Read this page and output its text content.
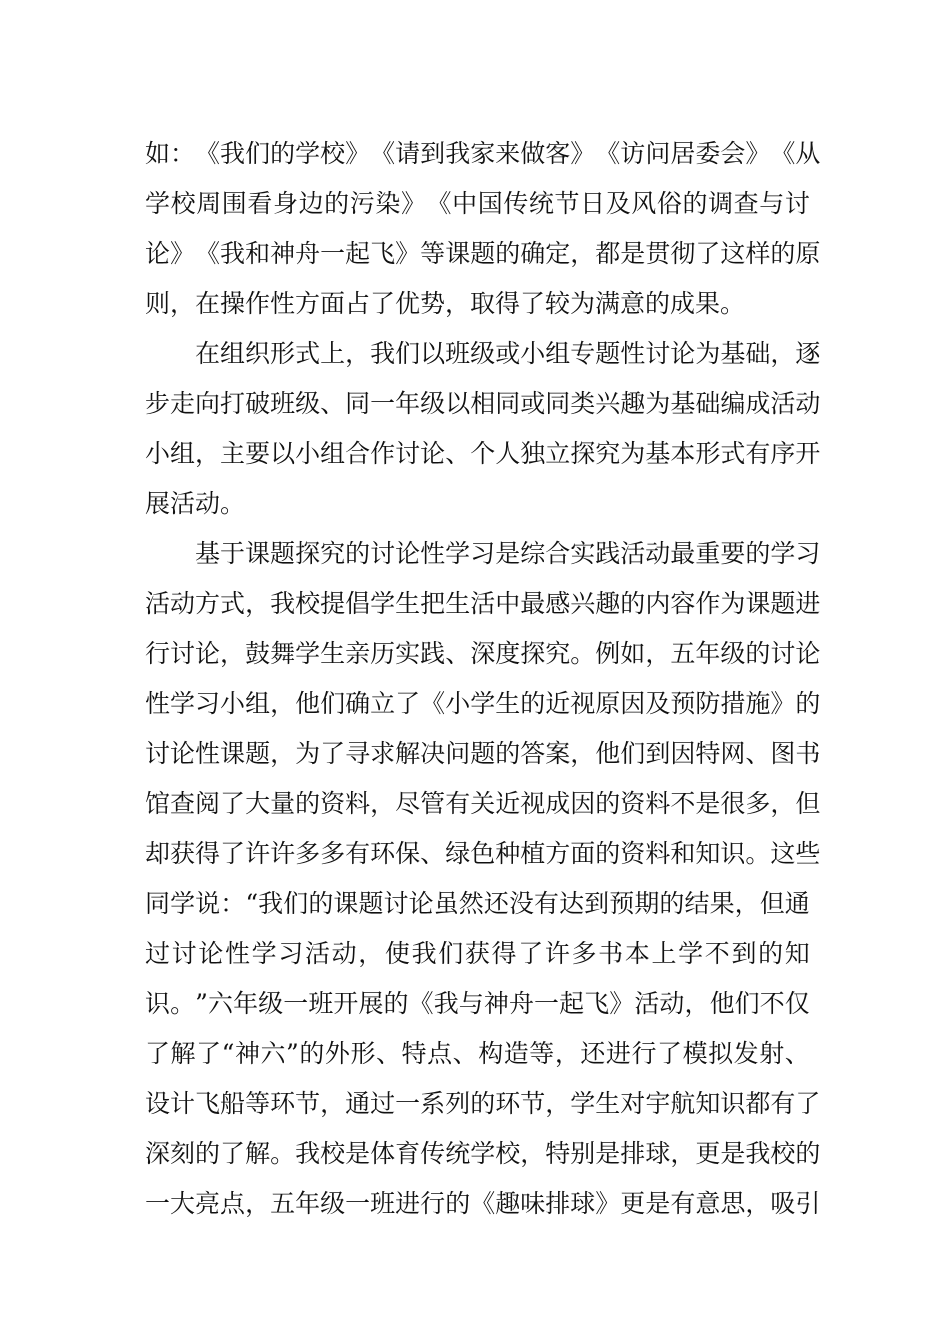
如 ： 《 我 们 的 学 校 》 《 请 到 我 家 来 做 客 》 《 访 问 居 委 会 》 《 从
学 校 周 围 看 身 边 的 污 染 》 《 中 国 传 统 节 日 及 风 俗 的 调 查 与 讨
论 》 《 我 和 神 舟 一 起 飞 》 等 课 题 的 确 定 ， 都 是 贯 彻 了 这 样 的 原
则，在操作性方面占了优势，取得了较为满意的成果。
在 组 织 形 式 上 ， 我 们 以 班 级 或 小 组 专 题 性 讨 论 为 基 础 ， 逐
步 走 向 打 破 班 级 、 同 一 年 级 以 相 同 或 同 类 兴 趣 为 基 础 编 成 活 动
小 组 ， 主 要 以 小 组 合 作 讨 论 、 个 人 独 立 探 究 为 基 本 形 式 有 序 开
展活动。
基 于 课 题 探 究 的 讨 论 性 学 习 是 综 合 实 践 活 动 最 重 要 的 学 习
活 动 方 式 ， 我 校 提 倡 学 生 把 生 活 中 最 感 兴 趣 的 内 容 作 为 课 题 进
行 讨 论 ， 鼓 舞 学 生 亲 历 实 践 、 深 度 探 究 。 例 如 ， 五 年 级 的 讨 论
性 学 习 小 组 ， 他 们 确 立 了 《 小 学 生 的 近 视 原 因 及 预 防 措 施 》 的
讨 论 性 课 题 ， 为 了 寻 求 解 决 问 题 的 答 案 ， 他 们 到 因 特 网 、 图 书
馆 查 阅 了 大 量 的 资 料 ， 尽 管 有 关 近 视 成 因 的 资 料 不 是 很 多 ， 但
却 获 得 了 许 许 多 多 有 环 保 、 绿 色 种 植 方 面 的 资 料 和 知 识 。 这 些
同 学 说 ： “ 我 们 的 课 题 讨 论 虽 然 还 没 有 达 到 预 期 的 结 果 ， 但 通
过 讨 论 性 学 习 活 动 ， 使 我 们 获 得 了 许 多 书 本 上 学 不 到 的 知
识 。 ” 六 年 级 一 班 开 展 的 《 我 与 神 舟 一 起 飞 》 活 动 ， 他 们 不 仅
了 解 了 “ 神 六 ” 的 外 形 、 特 点 、 构 造 等 ， 还 进 行 了 模 拟 发 射 、
设 计 飞 船 等 环 节 ， 通 过 一 系 列 的 环 节 ， 学 生 对 宇 航 知 识 都 有 了
深 刻 的 了 解 。 我 校 是 体 育 传 统 学 校 ， 特 别 是 排 球 ， 更 是 我 校 的
一 大 亮 点 ， 五 年 级 一 班 进 行 的 《 趣 味 排 球 》 更 是 有 意 思 ， 吸 引
